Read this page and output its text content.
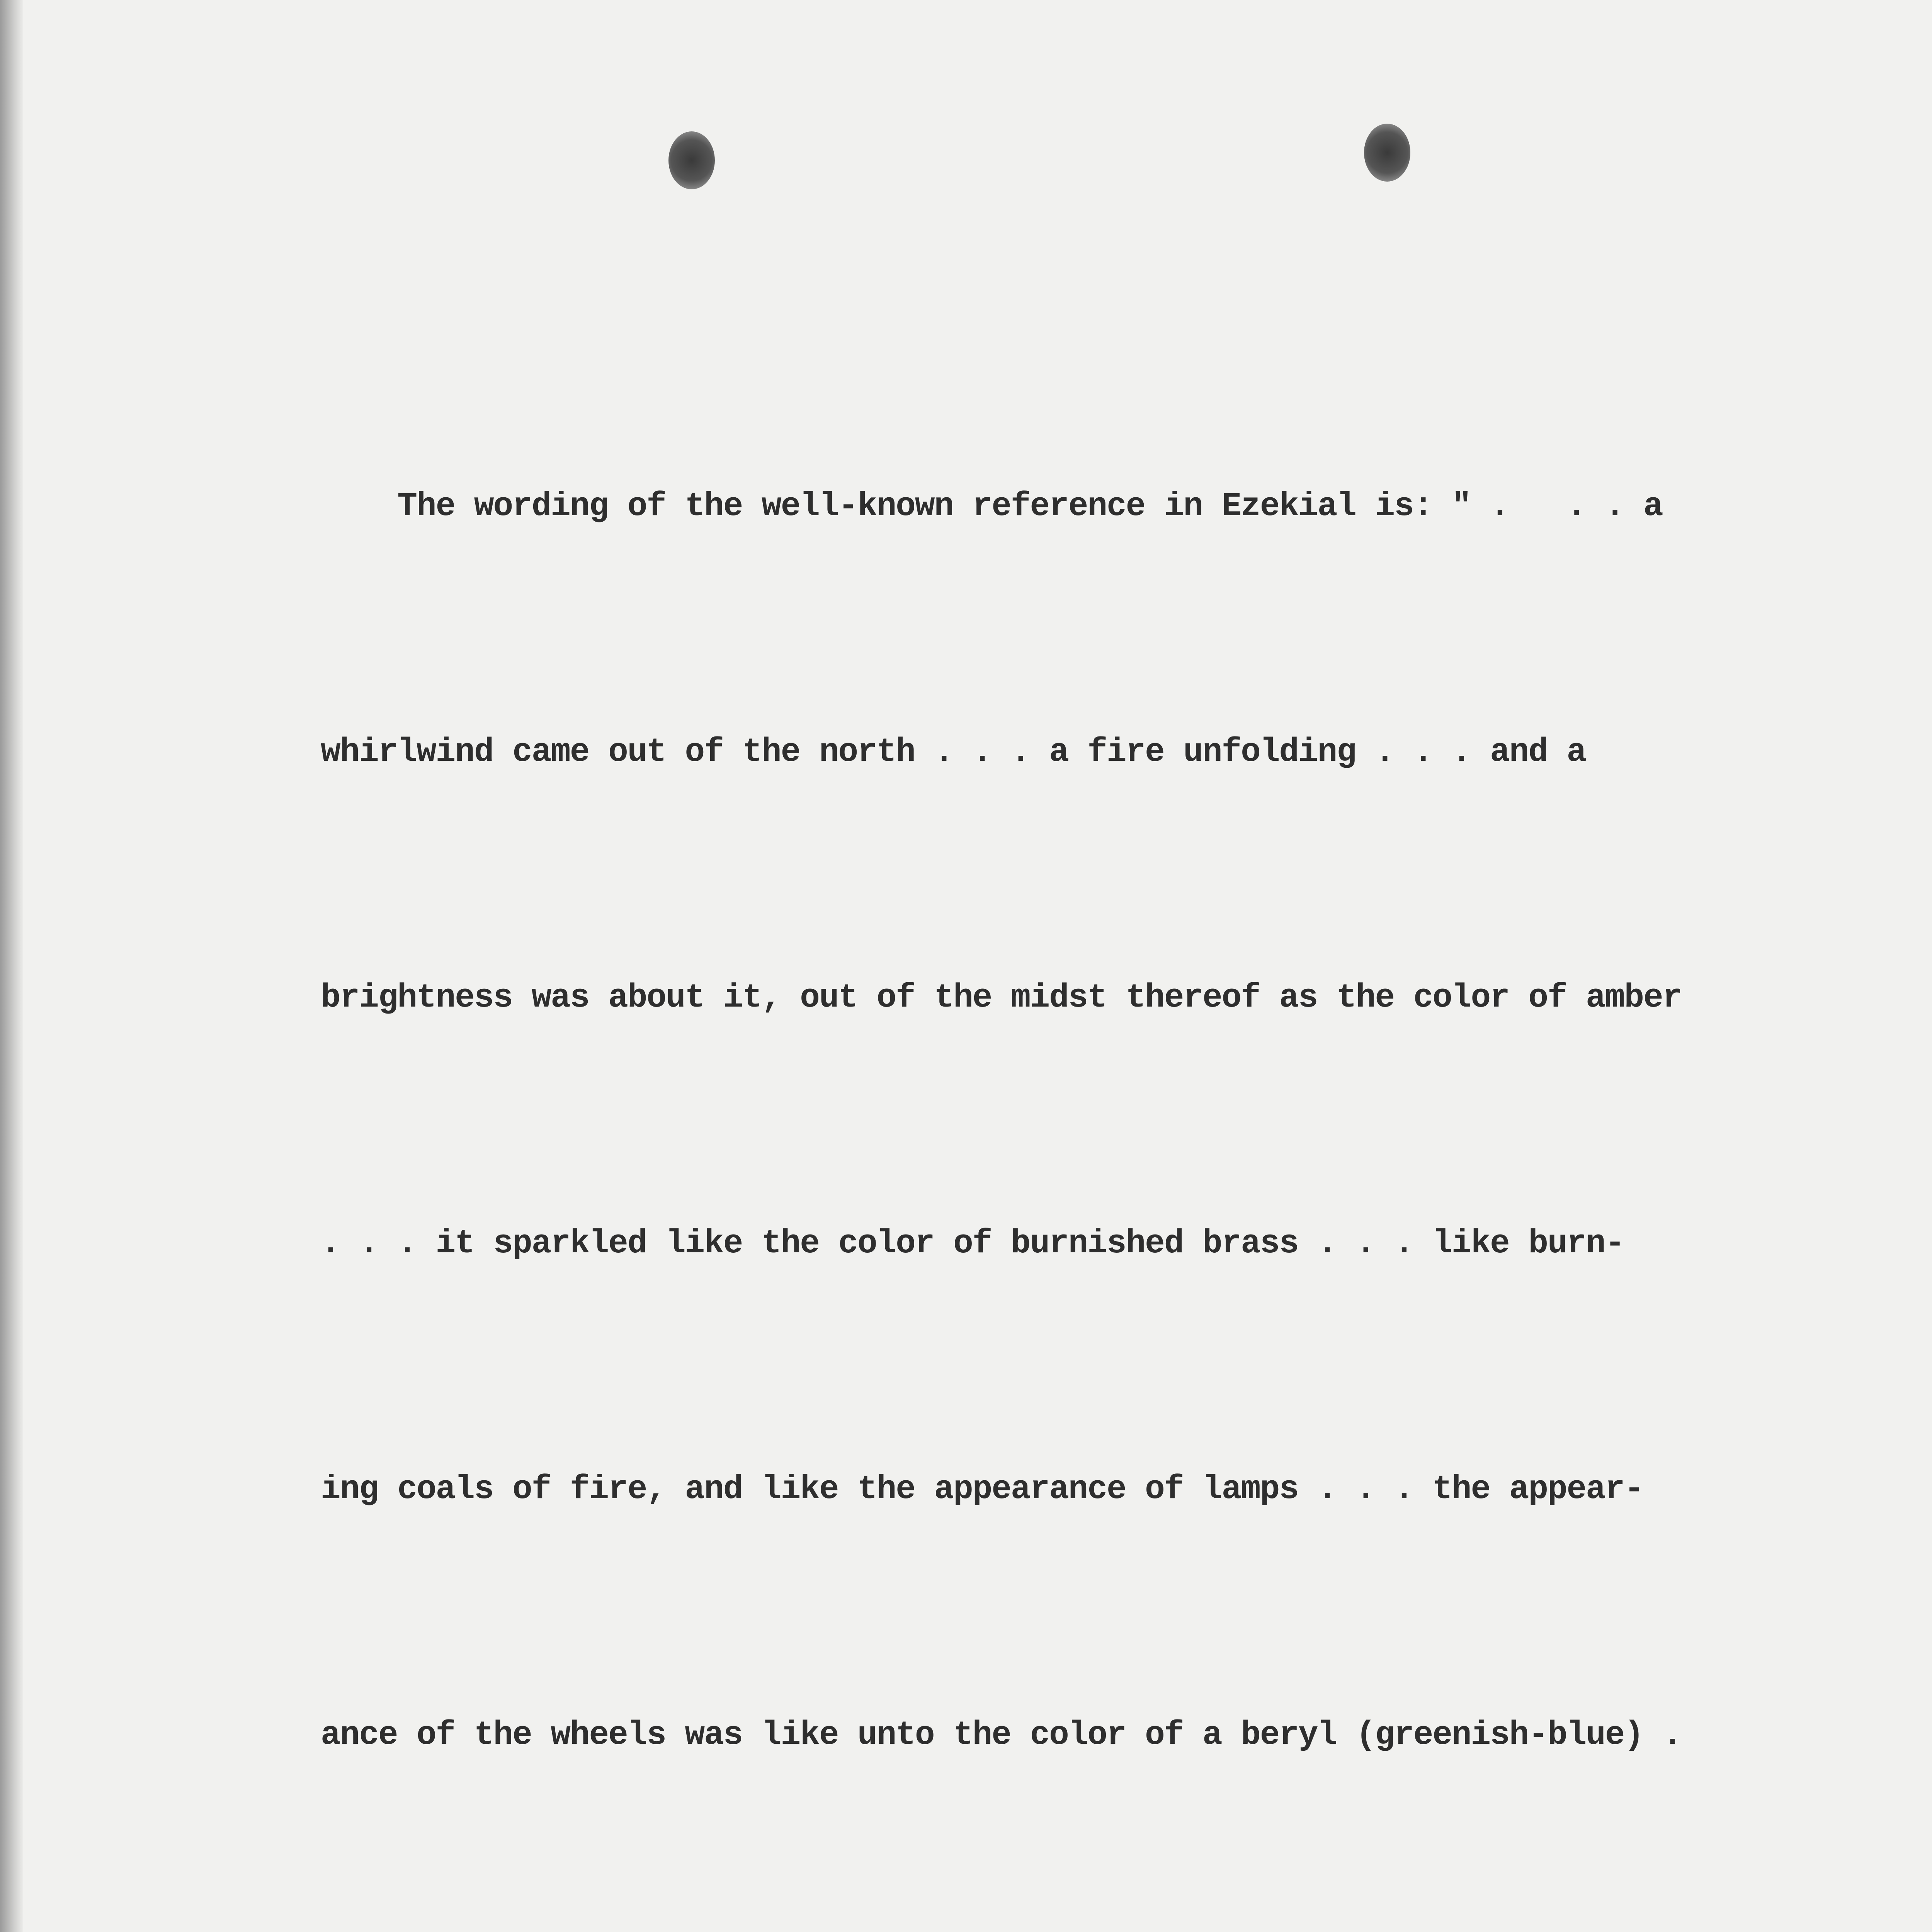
The wording of the well-known reference in Ezekial is: " .   . . a

whirlwind came out of the north . . . a fire unfolding . . . and a

brightness was about it, out of the midst thereof as the color of amber

. . . it sparkled like the color of burnished brass . . . like burn-

ing coals of fire, and like the appearance of lamps . . . the appear-

ance of the wheels was like unto the color of a beryl (greenish-blue) .
